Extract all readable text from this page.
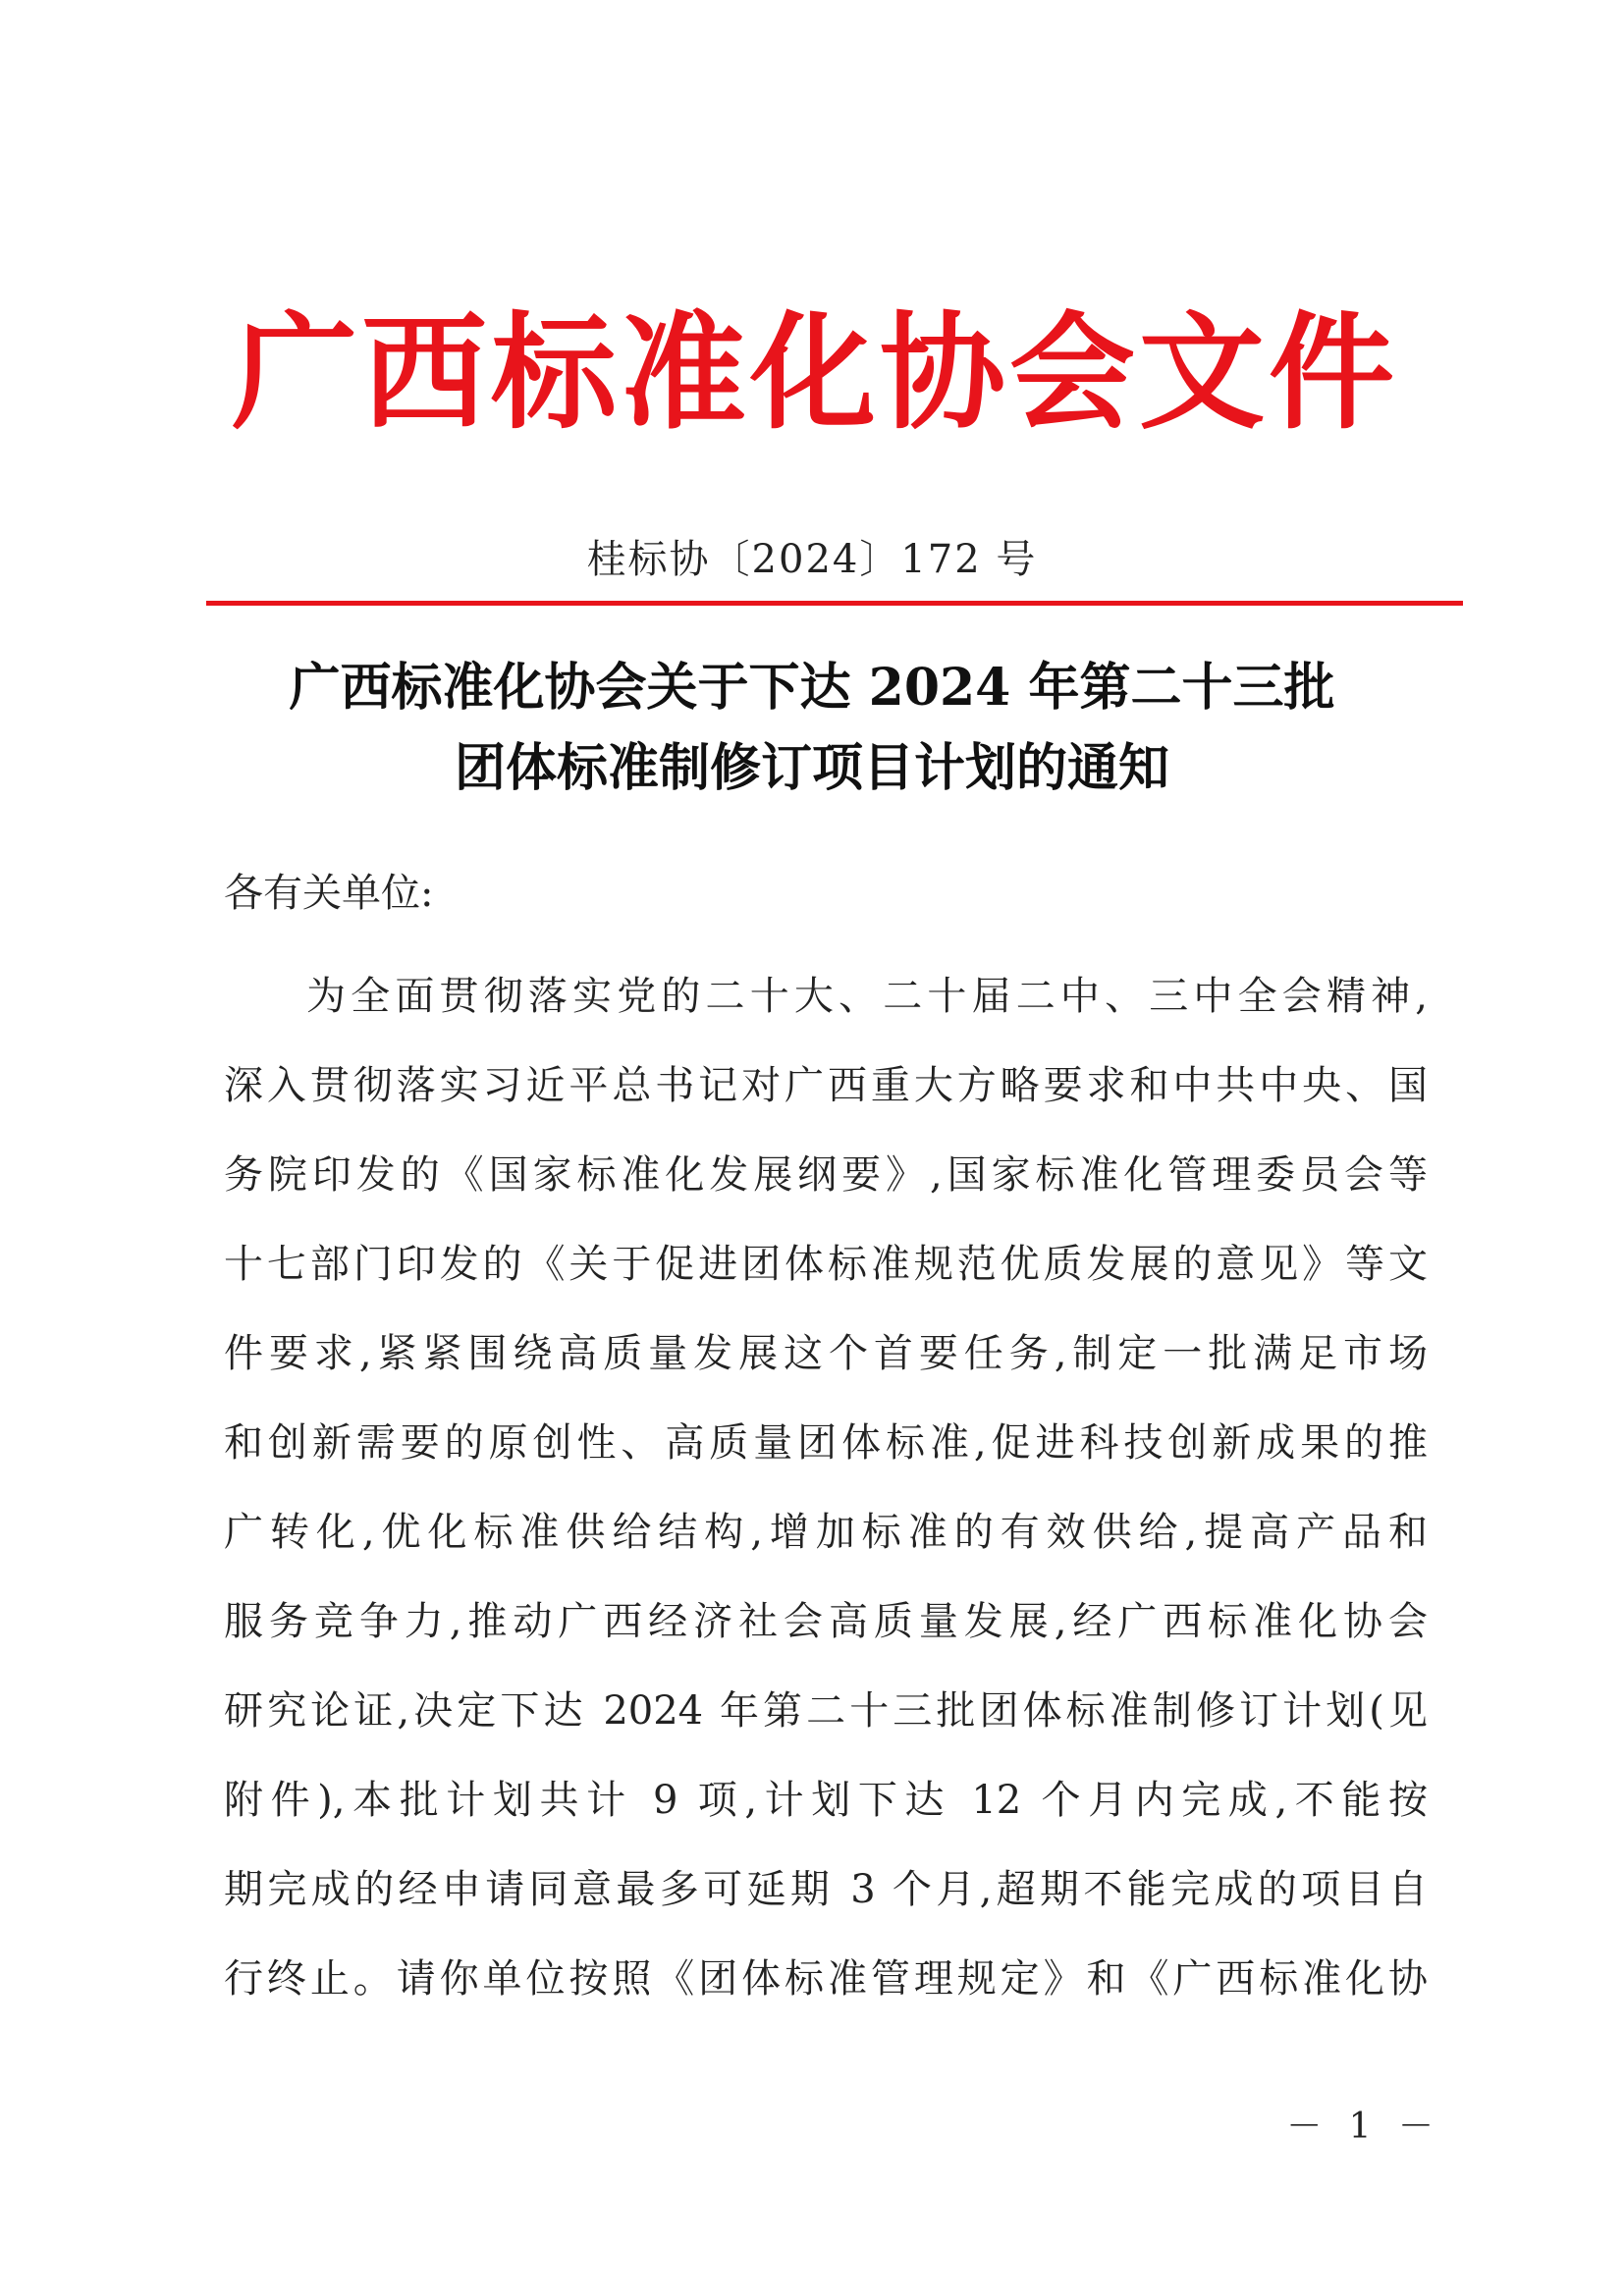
广西标准化协会文件
桂标协〔2024〕172 号
广西标准化协会关于下达 2024 年第二十三批
团体标准制修订项目计划的通知
各有关单位:
为全面贯彻落实党的二十大、二十届二中、三中全会精神,
深入贯彻落实习近平总书记对广西重大方略要求和中共中央、国
务院印发的《国家标准化发展纲要》,国家标准化管理委员会等
十七部门印发的《关于促进团体标准规范优质发展的意见》等文
件要求,紧紧围绕高质量发展这个首要任务,制定一批满足市场
和创新需要的原创性、高质量团体标准,促进科技创新成果的推
广转化,优化标准供给结构,增加标准的有效供给,提高产品和
服务竞争力,推动广西经济社会高质量发展,经广西标准化协会
研究论证,决定下达 2024 年第二十三批团体标准制修订计划(见
附件),本批计划共计 9 项,计划下达 12 个月内完成,不能按
期完成的经申请同意最多可延期 3 个月,超期不能完成的项目自
行终止。请你单位按照《团体标准管理规定》和《广西标准化协
－ 1 －
